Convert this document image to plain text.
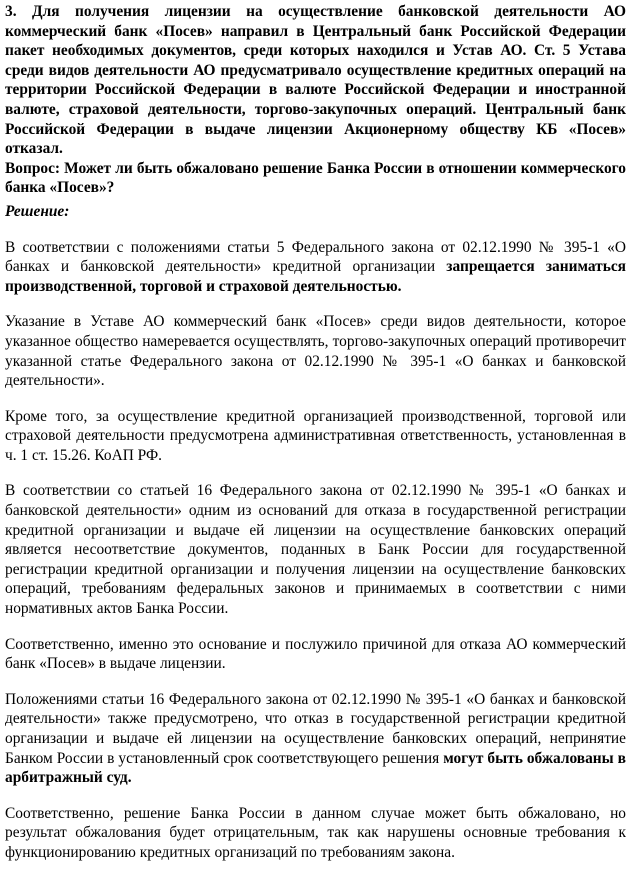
3. Для получения лицензии на осуществление банковской деятельности АО коммерческий банк «Посев» направил в Центральный банк Российской Федерации пакет необходимых документов, среди которых находился и Устав АО. Ст. 5 Устава среди видов деятельности АО предусматривало осуществление кредитных операций на территории Российской Федерации в валюте Российской Федерации и иностранной валюте, страховой деятельности, торгово-закупочных операций. Центральный банк Российской Федерации в выдаче лицензии Акционерному обществу КБ «Посев» отказал.

Вопрос: Может ли быть обжаловано решение Банка России в отношении коммерческого банка «Посев»?

Решение:

В соответствии с положениями статьи 5 Федерального закона от 02.12.1990 № 395-1 «О банках и банковской деятельности» кредитной организации запрещается заниматься производственной, торговой и страховой деятельностью.

Указание в Уставе АО коммерческий банк «Посев» среди видов деятельности, которое указанное общество намеревается осуществлять, торгово-закупочных операций противоречит указанной статье Федерального закона от 02.12.1990 № 395-1 «О банках и банковской деятельности».

Кроме того, за осуществление кредитной организацией производственной, торговой или страховой деятельности предусмотрена административная ответственность, установленная в ч. 1 ст. 15.26. КоАП РФ.

В соответствии со статьей 16 Федерального закона от 02.12.1990 № 395-1 «О банках и банковской деятельности» одним из оснований для отказа в государственной регистрации кредитной организации и выдаче ей лицензии на осуществление банковских операций является несоответствие документов, поданных в Банк России для государственной регистрации кредитной организации и получения лицензии на осуществление банковских операций, требованиям федеральных законов и принимаемых в соответствии с ними нормативных актов Банка России.

Соответственно, именно это основание и послужило причиной для отказа АО коммерческий банк «Посев» в выдаче лицензии.

Положениями статьи 16 Федерального закона от 02.12.1990 № 395-1 «О банках и банковской деятельности» также предусмотрено, что отказ в государственной регистрации кредитной организации и выдаче ей лицензии на осуществление банковских операций, непринятие Банком России в установленный срок соответствующего решения могут быть обжалованы в арбитражный суд.

Соответственно, решение Банка России в данном случае может быть обжаловано, но результат обжалования будет отрицательным, так как нарушены основные требования к функционированию кредитных организаций по требованиям закона.
